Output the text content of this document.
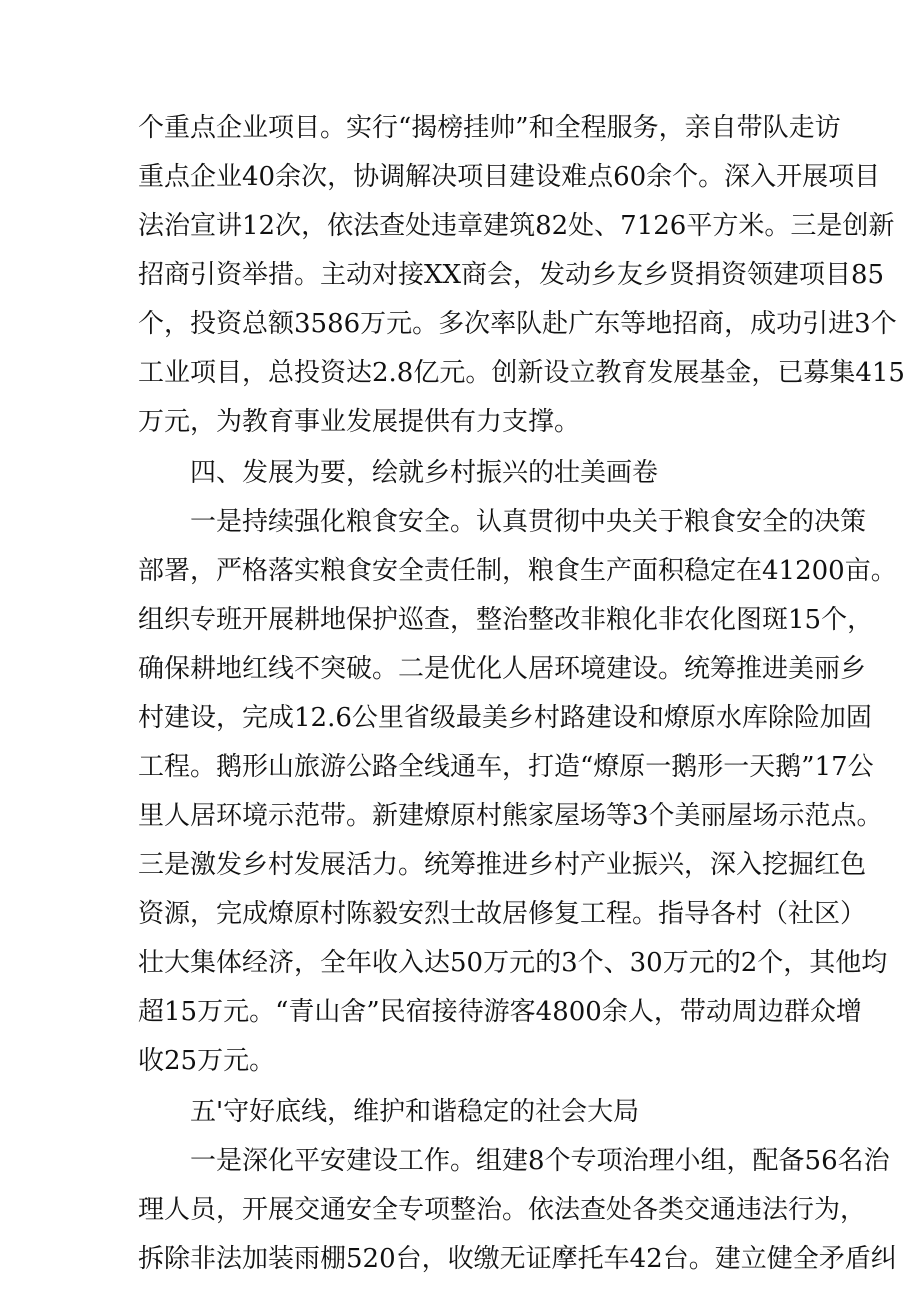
个重点企业项目。实行“揭榜挂帅”和全程服务，亲自带队走访
重点企业40余次，协调解决项目建设难点60余个。深入开展项目
法治宣讲12次，依法查处违章建筑82处、7126平方米。三是创新
招商引资举措。主动对接XX商会，发动乡友乡贤捐资领建项目85
个，投资总额3586万元。多次率队赴广东等地招商，成功引进3个
工业项目，总投资达2.8亿元。创新设立教育发展基金，已募集415
万元，为教育事业发展提供有力支撑。
四、发展为要，绘就乡村振兴的壮美画卷
一是持续强化粮食安全。认真贯彻中央关于粮食安全的决策
部署，严格落实粮食安全责任制，粮食生产面积稳定在41200亩。
组织专班开展耕地保护巡查，整治整改非粮化非农化图斑15个，
确保耕地红线不突破。二是优化人居环境建设。统筹推进美丽乡
村建设，完成12.6公里省级最美乡村路建设和燎原水库除险加固
工程。鹅形山旅游公路全线通车，打造“燎原一鹅形一天鹅”17公
里人居环境示范带。新建燎原村熊家屋场等3个美丽屋场示范点。
三是激发乡村发展活力。统筹推进乡村产业振兴，深入挖掘红色
资源，完成燎原村陈毅安烈士故居修复工程。指导各村（社区）
壮大集体经济，全年收入达50万元的3个、30万元的2个，其他均
超15万元。“青山舍”民宿接待游客4800余人，带动周边群众增
收25万元。
五'守好底线，维护和谐稳定的社会大局
一是深化平安建设工作。组建8个专项治理小组，配备56名治
理人员，开展交通安全专项整治。依法查处各类交通违法行为，
拆除非法加装雨棚520台，收缴无证摩托车42台。建立健全矛盾纠
